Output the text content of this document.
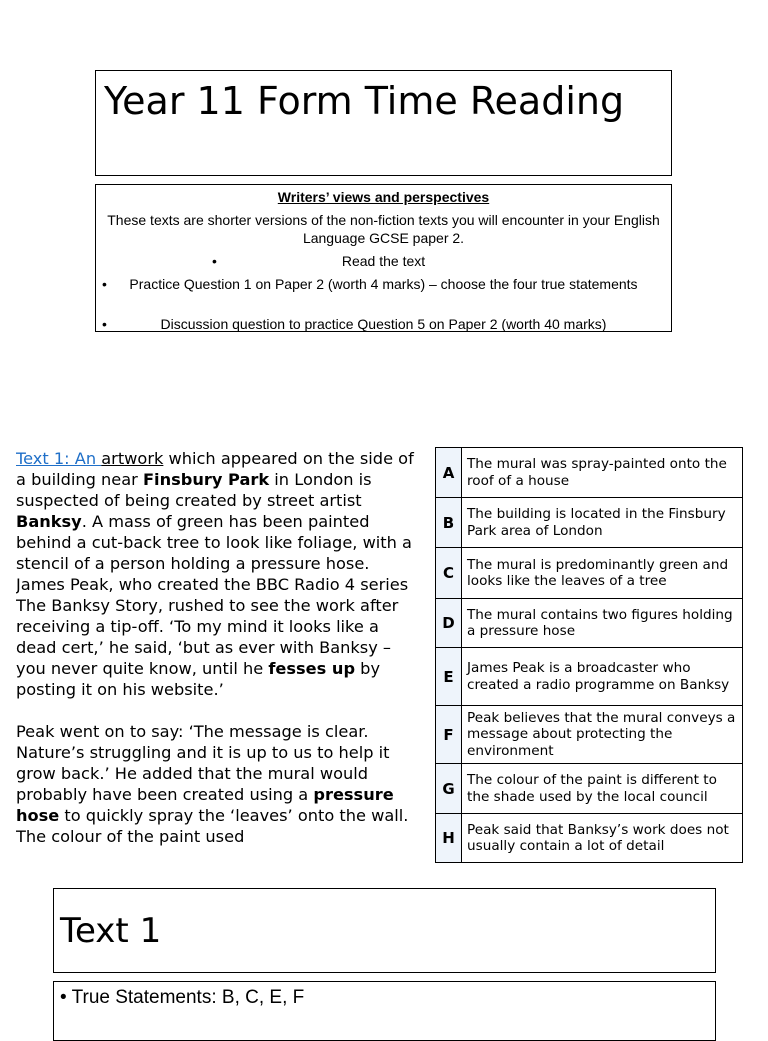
Year 11 Form Time Reading
Writers’ views and perspectives
These texts are shorter versions of the non-fiction texts you will encounter in your English Language GCSE paper 2.
•	Read the text
•	Practice Question 1 on Paper 2 (worth 4 marks) – choose the four true statements
•	Discussion question to practice Question 5 on Paper 2 (worth 40 marks)

Text 1: An artwork which appeared on the side of a building near Finsbury Park in London is suspected of being created by street artist Banksy. A mass of green has been painted behind a cut-back tree to look like foliage, with a stencil of a person holding a pressure hose.

James Peak, who created the BBC Radio 4 series The Banksy Story, rushed to see the work after receiving a tip-off. ‘To my mind it looks like a dead cert,’ he said, ‘but as ever with Banksy – you never quite know, until he fesses up by posting it on his website.’

Peak went on to say: ‘The message is clear. Nature’s struggling and it is up to us to help it grow back.’ He added that the mural would probably have been created using a pressure hose to quickly spray the ‘leaves’ onto the wall. The colour of the paint used

A	The mural was spray-painted onto the roof of a house
B	The building is located in the Finsbury Park area of London
C	The mural is predominantly green and looks like the leaves of a tree
D	The mural contains two figures holding a pressure hose
E	James Peak is a broadcaster who created a radio programme on Banksy
F	Peak believes that the mural conveys a message about protecting the environment
G	The colour of the paint is different to the shade used by the local council
H	Peak said that Banksy’s work does not usually contain a lot of detail
Text 1
• True Statements: B, C, E, F
